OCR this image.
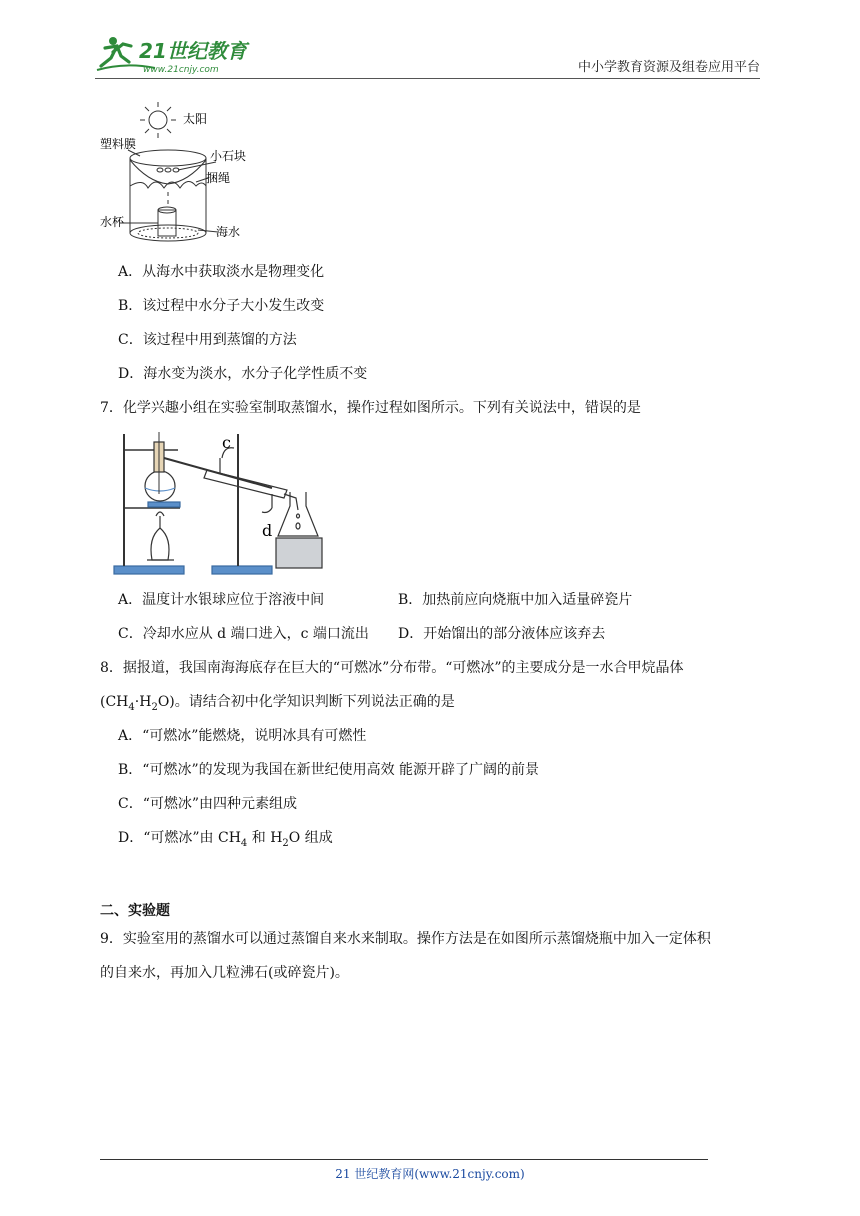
21世纪教育
www.21cnjy.com	中小学教育资源及组卷应用平台
太阳
塑料膜
小石块
捆绳
水杯
海水
A．从海水中获取淡水是物理变化
B．该过程中水分子大小发生改变
C．该过程中用到蒸馏的方法
D．海水变为淡水，水分子化学性质不变
7．化学兴趣小组在实验室制取蒸馏水，操作过程如图所示。下列有关说法中，错误的是
c
d
A．温度计水银球应位于溶液中间	B．加热前应向烧瓶中加入适量碎瓷片
C．冷却水应从 d 端口进入，c 端口流出 D．开始馏出的部分液体应该弃去
8．据报道，我国南海海底存在巨大的“可燃冰”分布带。“可燃冰”的主要成分是一水合甲烷晶体
$(CH_4\cdot H_2O)$。请结合初中化学知识判断下列说法正确的是
A．“可燃冰”能燃烧，说明冰具有可燃性
B．“可燃冰”的发现为我国在新世纪使用高效 能源开辟了广阔的前景
C．“可燃冰”由四种元素组成
D．“可燃冰”由 $CH_4$ 和 $H_2O$ 组成
二、实验题
9．实验室用的蒸馏水可以通过蒸馏自来水来制取。操作方法是在如图所示蒸馏烧瓶中加入一定体积
的自来水，再加入几粒沸石(或碎瓷片)。
21 世纪教育网(www.21cnjy.com)
